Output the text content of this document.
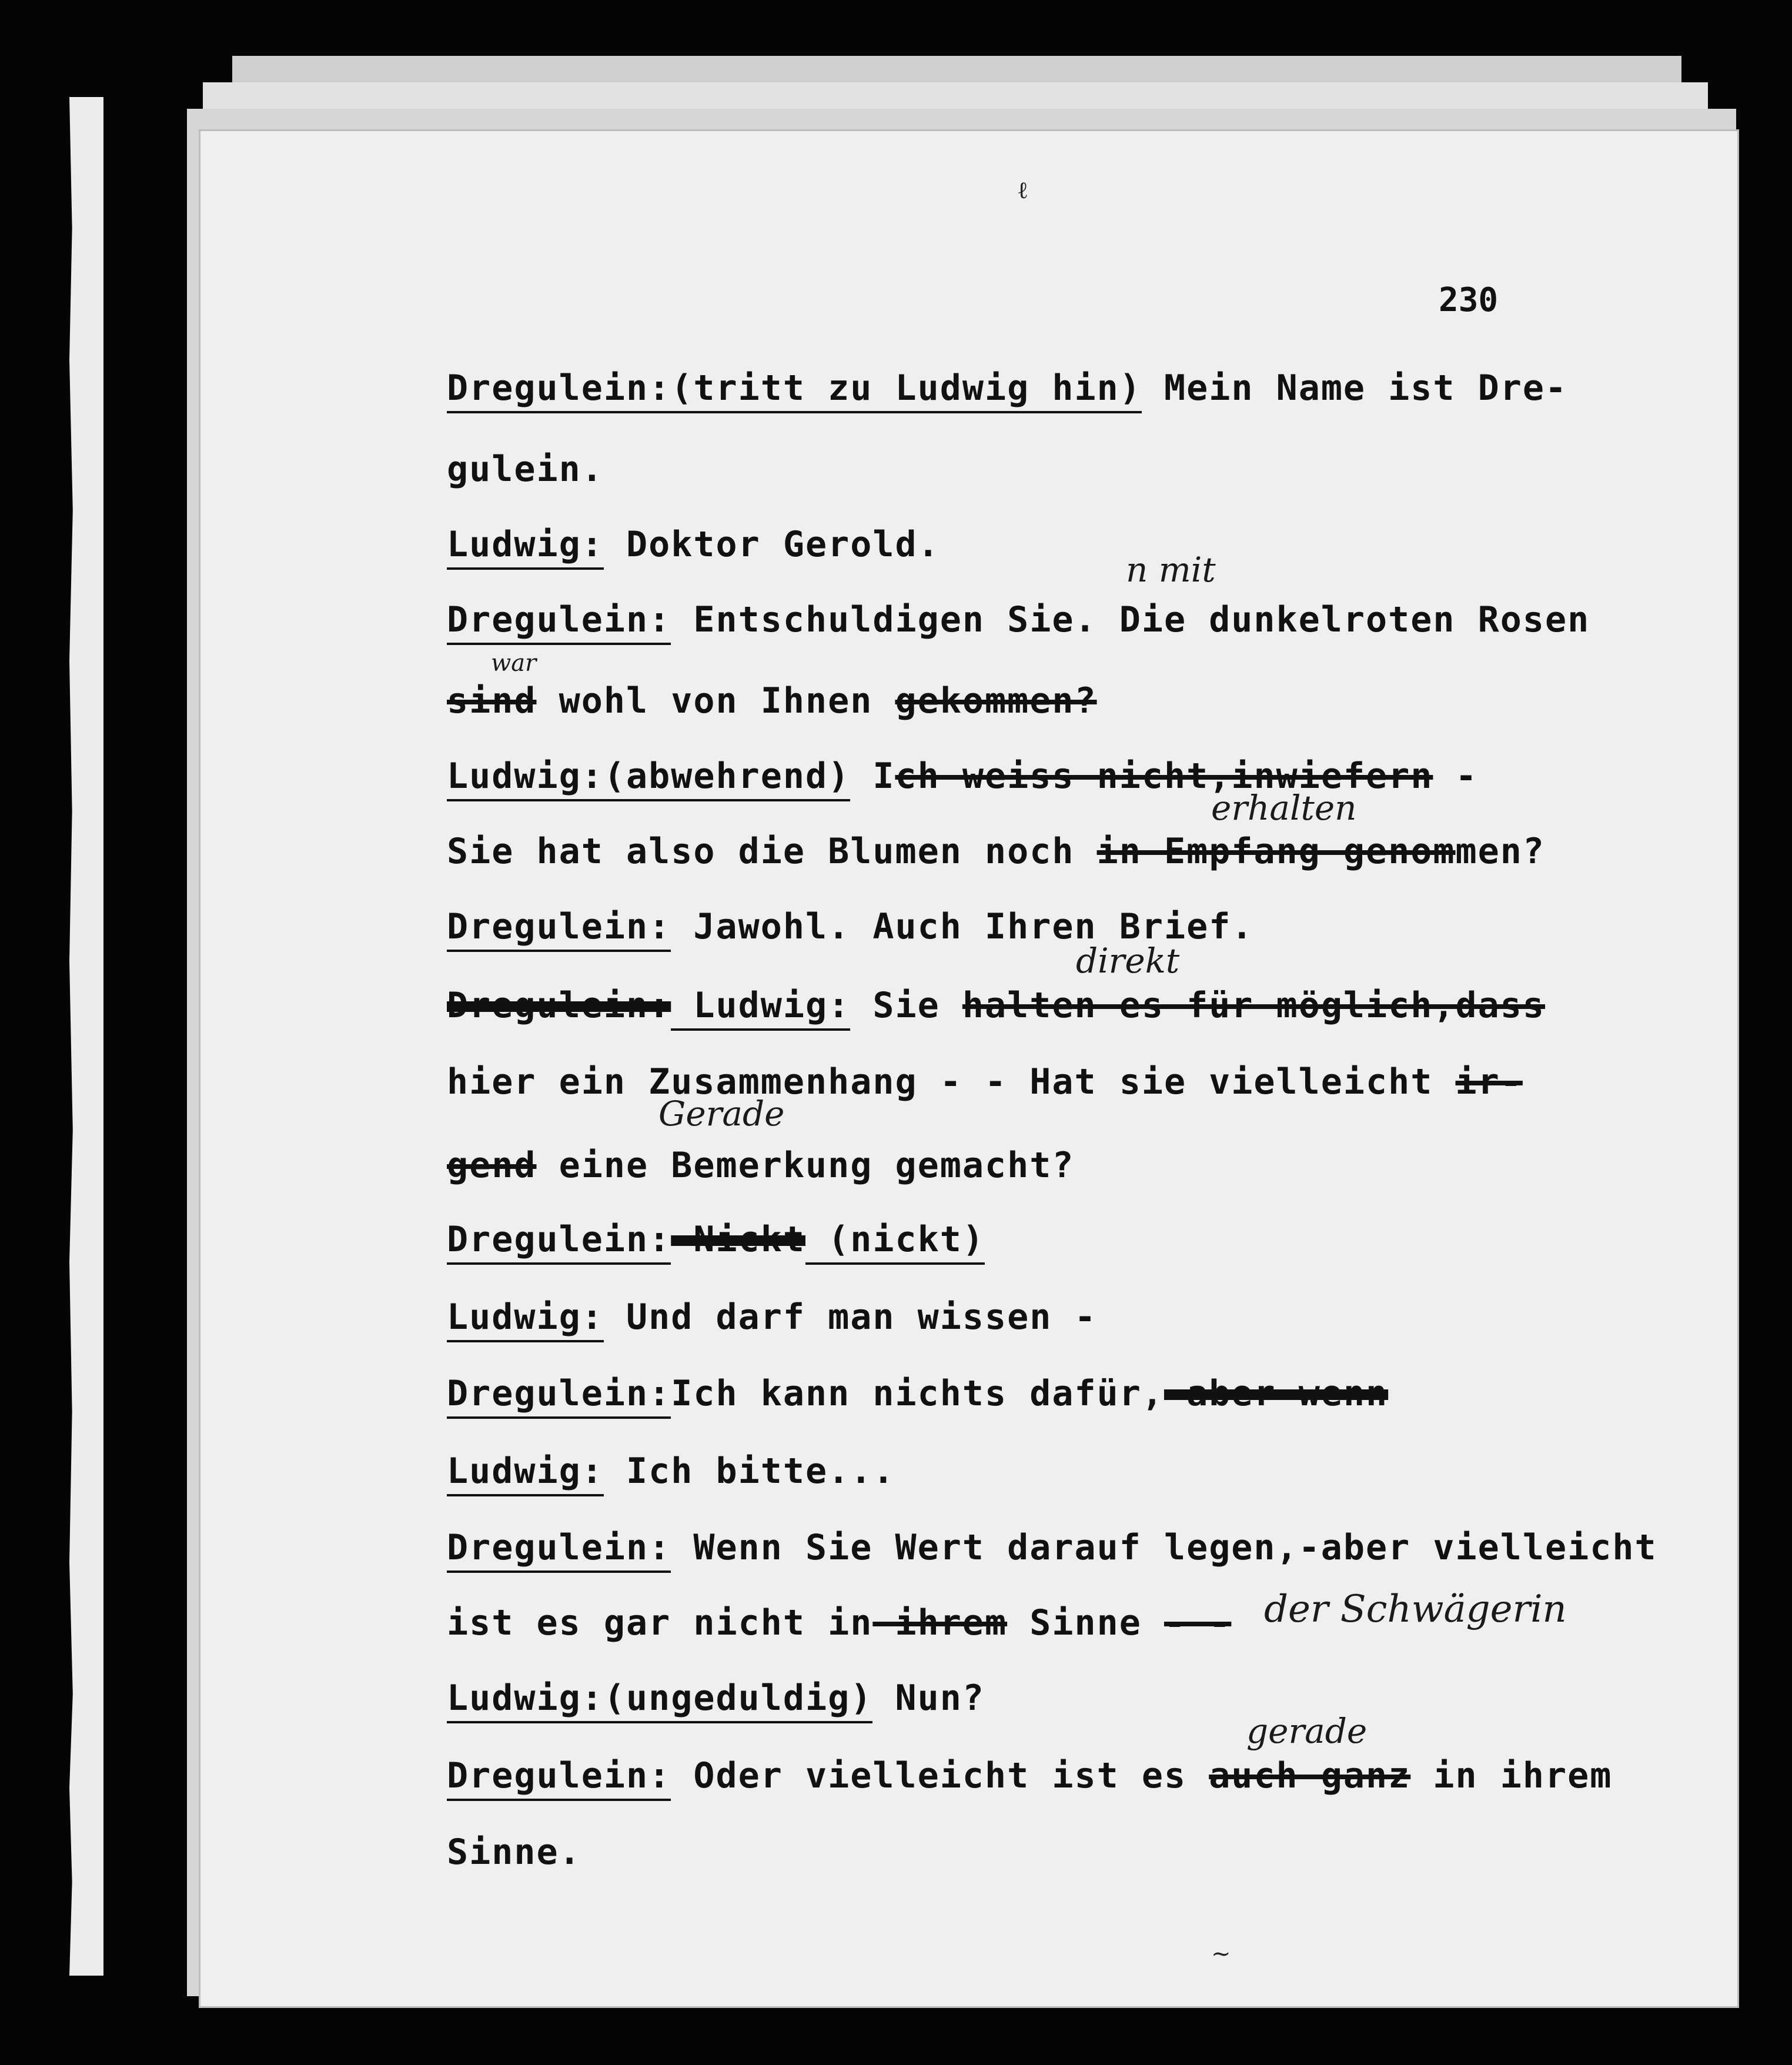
230
ℓ
Dregulein:(tritt zu Ludwig hin) Mein Name ist Dre-
gulein.
Ludwig: Doktor Gerold.
Dregulein: Entschuldigen Sie. Die dunkelroten Rosen
sind wohl von Ihnen gekommen?
Ludwig:(abwehrend) Ich weiss nicht,inwiefern -
Sie hat also die Blumen noch in Empfang genommen?
Dregulein: Jawohl. Auch Ihren Brief.
Dregulein: Ludwig: Sie halten es für möglich,dass
hier ein Zusammenhang - - Hat sie vielleicht ir-
gend eine Bemerkung gemacht?
Dregulein: Nickt (nickt)
Ludwig: Und darf man wissen -
Dregulein:Ich kann nichts dafür,-aber wenn
Ludwig: Ich bitte...
Dregulein: Wenn Sie Wert darauf legen,-aber vielleicht
ist es gar nicht in ihrem Sinne - -
Ludwig:(ungeduldig) Nun?
Dregulein: Oder vielleicht ist es auch ganz in ihrem
Sinne.
n mit
war
erhalten
direkt
Gerade
der Schwägerin
gerade
~
